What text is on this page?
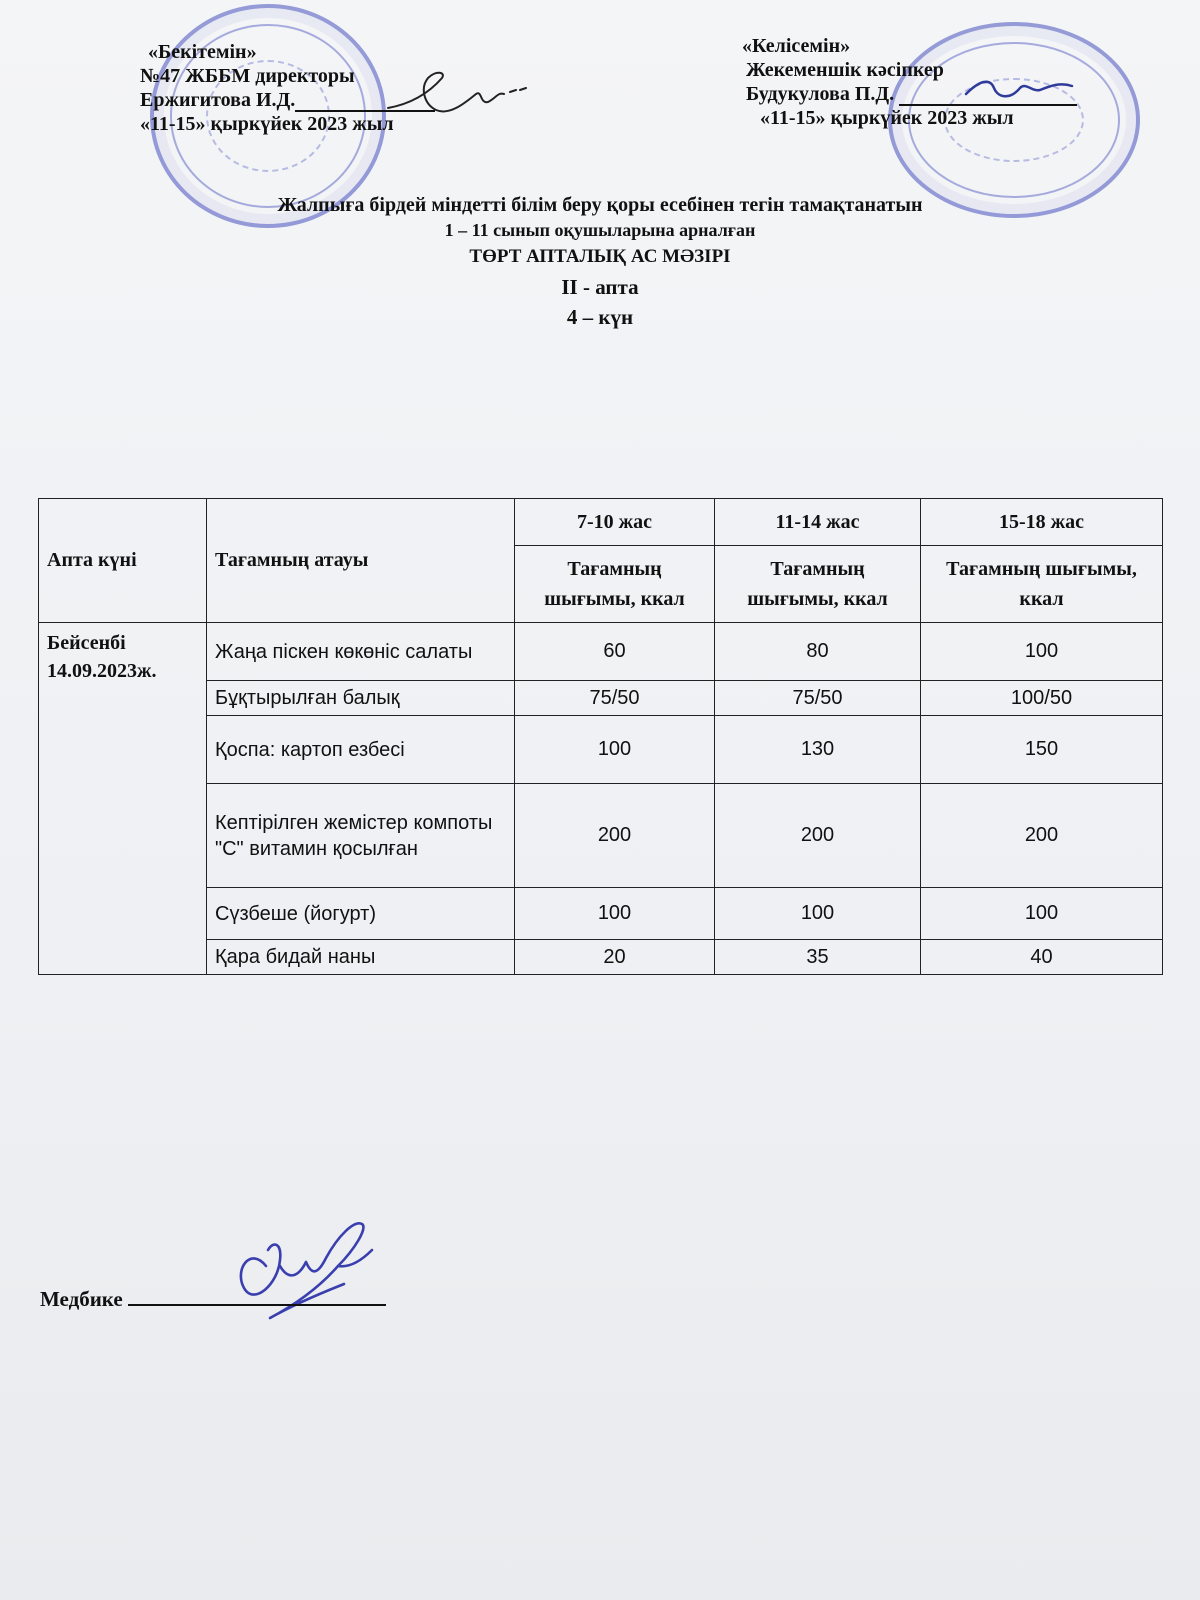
«Бекітемін»
№47 ЖББМ директоры
Ержигитова И.Д.
«11-15» қыркүйек 2023 жыл
«Келісемін»
Жекеменшік кәсіпкер
Будукулова П.Д.
«11-15» қыркүйек 2023 жыл
Жалпыға бірдей міндетті білім беру қоры есебінен тегін тамақтанатын
1 – 11 сынып оқушыларына арналған
ТӨРТ АПТАЛЫҚ АС МӘЗІРІ
ІІ - апта
4 – күн
Апта күні	Тағамның атауы	7-10 жас	11-14 жас	15-18 жас
		Тағамның шығымы, ккал	Тағамның шығымы, ккал	Тағамның шығымы, ккал
Бейсенбі 14.09.2023ж.	Жаңа піскен көкөніс салаты	60	80	100
	Бұқтырылған балық	75/50	75/50	100/50
	Қоспа: картоп езбесі	100	130	150
	Кептірілген жемістер компоты "С" витамин қосылған	200	200	200
	Сүзбеше (йогурт)	100	100	100
	Қара бидай наны	20	35	40
Медбике
